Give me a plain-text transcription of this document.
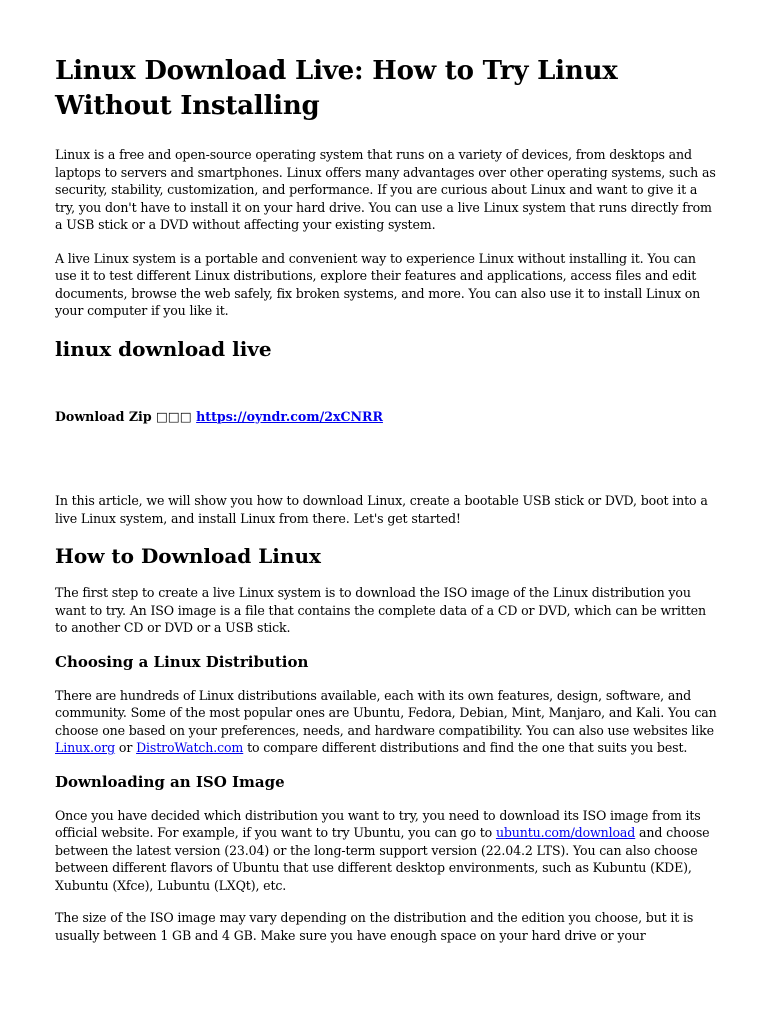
Linux Download Live: How to Try Linux Without Installing

Linux is a free and open-source operating system that runs on a variety of devices, from desktops and laptops to servers and smartphones. Linux offers many advantages over other operating systems, such as security, stability, customization, and performance. If you are curious about Linux and want to give it a try, you don't have to install it on your hard drive. You can use a live Linux system that runs directly from a USB stick or a DVD without affecting your existing system.

A live Linux system is a portable and convenient way to experience Linux without installing it. You can use it to test different Linux distributions, explore their features and applications, access files and edit documents, browse the web safely, fix broken systems, and more. You can also use it to install Linux on your computer if you like it.

linux download live
Download Zip □□□ https://oyndr.com/2xCNRR

In this article, we will show you how to download Linux, create a bootable USB stick or DVD, boot into a live Linux system, and install Linux from there. Let's get started!

How to Download Linux

The first step to create a live Linux system is to download the ISO image of the Linux distribution you want to try. An ISO image is a file that contains the complete data of a CD or DVD, which can be written to another CD or DVD or a USB stick.

Choosing a Linux Distribution

There are hundreds of Linux distributions available, each with its own features, design, software, and community. Some of the most popular ones are Ubuntu, Fedora, Debian, Mint, Manjaro, and Kali. You can choose one based on your preferences, needs, and hardware compatibility. You can also use websites like Linux.org or DistroWatch.com to compare different distributions and find the one that suits you best.

Downloading an ISO Image

Once you have decided which distribution you want to try, you need to download its ISO image from its official website. For example, if you want to try Ubuntu, you can go to ubuntu.com/download and choose between the latest version (23.04) or the long-term support version (22.04.2 LTS). You can also choose between different flavors of Ubuntu that use different desktop environments, such as Kubuntu (KDE), Xubuntu (Xfce), Lubuntu (LXQt), etc.

The size of the ISO image may vary depending on the distribution and the edition you choose, but it is usually between 1 GB and 4 GB. Make sure you have enough space on your hard drive or your
